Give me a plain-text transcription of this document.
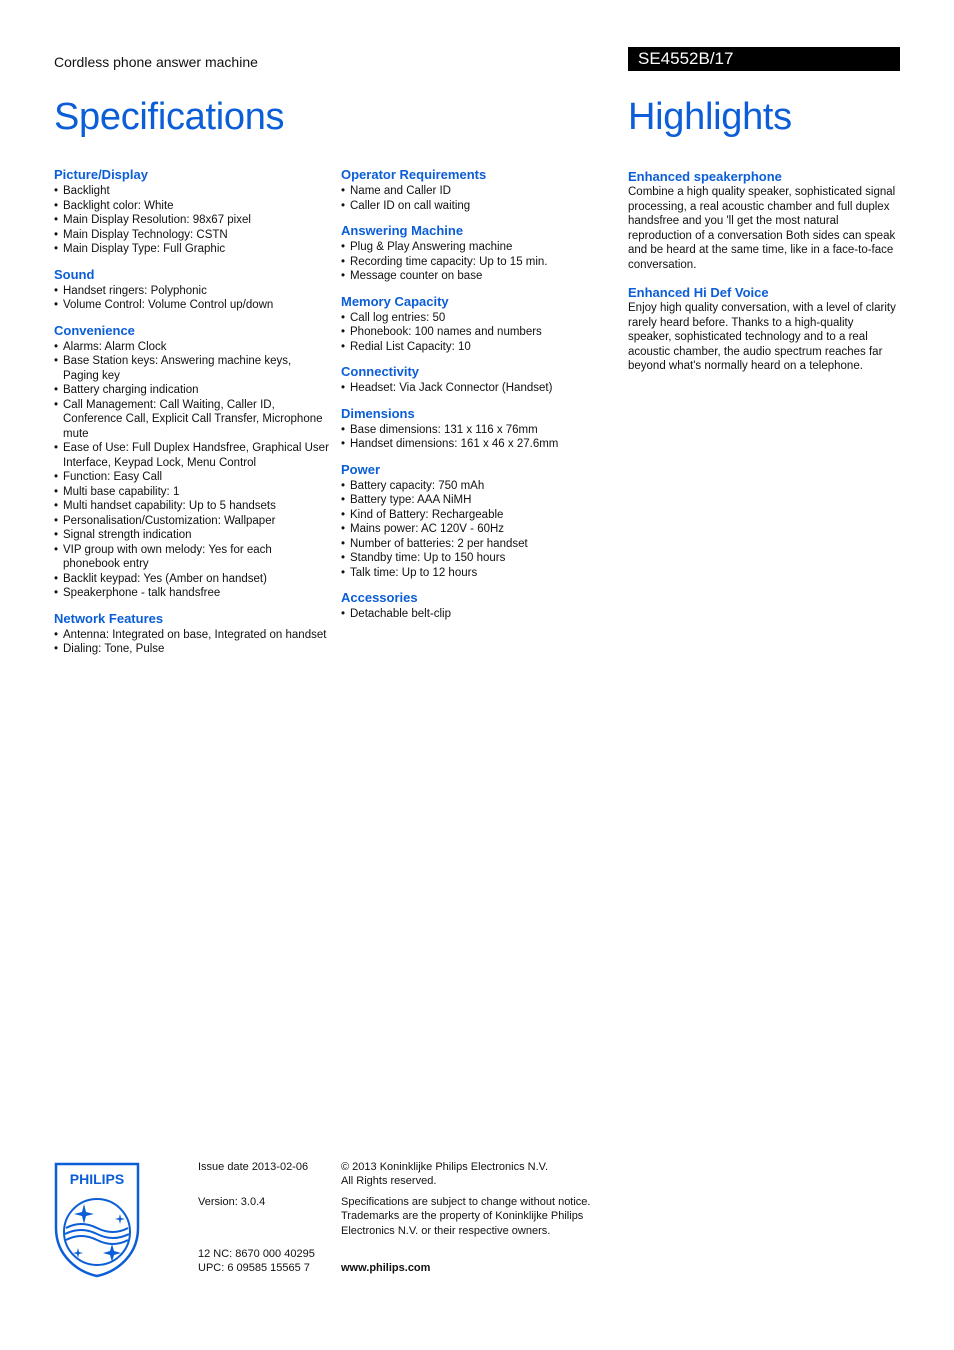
Cordless phone answer machine	SE4552B/17
Specifications	Highlights
Picture/Display
• Backlight
• Backlight color: White
• Main Display Resolution: 98x67 pixel
• Main Display Technology: CSTN
• Main Display Type: Full Graphic
Sound
• Handset ringers: Polyphonic
• Volume Control: Volume Control up/down
Convenience
• Alarms: Alarm Clock
• Base Station keys: Answering machine keys, Paging key
• Battery charging indication
• Call Management: Call Waiting, Caller ID, Conference Call, Explicit Call Transfer, Microphone mute
• Ease of Use: Full Duplex Handsfree, Graphical User Interface, Keypad Lock, Menu Control
• Function: Easy Call
• Multi base capability: 1
• Multi handset capability: Up to 5 handsets
• Personalisation/Customization: Wallpaper
• Signal strength indication
• VIP group with own melody: Yes for each phonebook entry
• Backlit keypad: Yes (Amber on handset)
• Speakerphone - talk handsfree
Network Features
• Antenna: Integrated on base, Integrated on handset
• Dialing: Tone, Pulse
Operator Requirements
• Name and Caller ID
• Caller ID on call waiting
Answering Machine
• Plug & Play Answering machine
• Recording time capacity: Up to 15 min.
• Message counter on base
Memory Capacity
• Call log entries: 50
• Phonebook: 100 names and numbers
• Redial List Capacity: 10
Connectivity
• Headset: Via Jack Connector (Handset)
Dimensions
• Base dimensions: 131 x 116 x 76mm
• Handset dimensions: 161 x 46 x 27.6mm
Power
• Battery capacity: 750 mAh
• Battery type: AAA NiMH
• Kind of Battery: Rechargeable
• Mains power: AC 120V - 60Hz
• Number of batteries: 2 per handset
• Standby time: Up to 150 hours
• Talk time: Up to 12 hours
Accessories
• Detachable belt-clip
Enhanced speakerphone
Combine a high quality speaker, sophisticated signal processing, a real acoustic chamber and full duplex handsfree and you 'll get the most natural reproduction of a conversation Both sides can speak and be heard at the same time, like in a face-to-face conversation.
Enhanced Hi Def Voice
Enjoy high quality conversation, with a level of clarity rarely heard before. Thanks to a high-quality speaker, sophisticated technology and to a real acoustic chamber, the audio spectrum reaches far beyond what's normally heard on a telephone.
PHILIPS
Issue date 2013-02-06
Version: 3.0.4
12 NC: 8670 000 40295
UPC: 6 09585 15565 7
© 2013 Koninklijke Philips Electronics N.V.
All Rights reserved.
Specifications are subject to change without notice.
Trademarks are the property of Koninklijke Philips
Electronics N.V. or their respective owners.
www.philips.com
